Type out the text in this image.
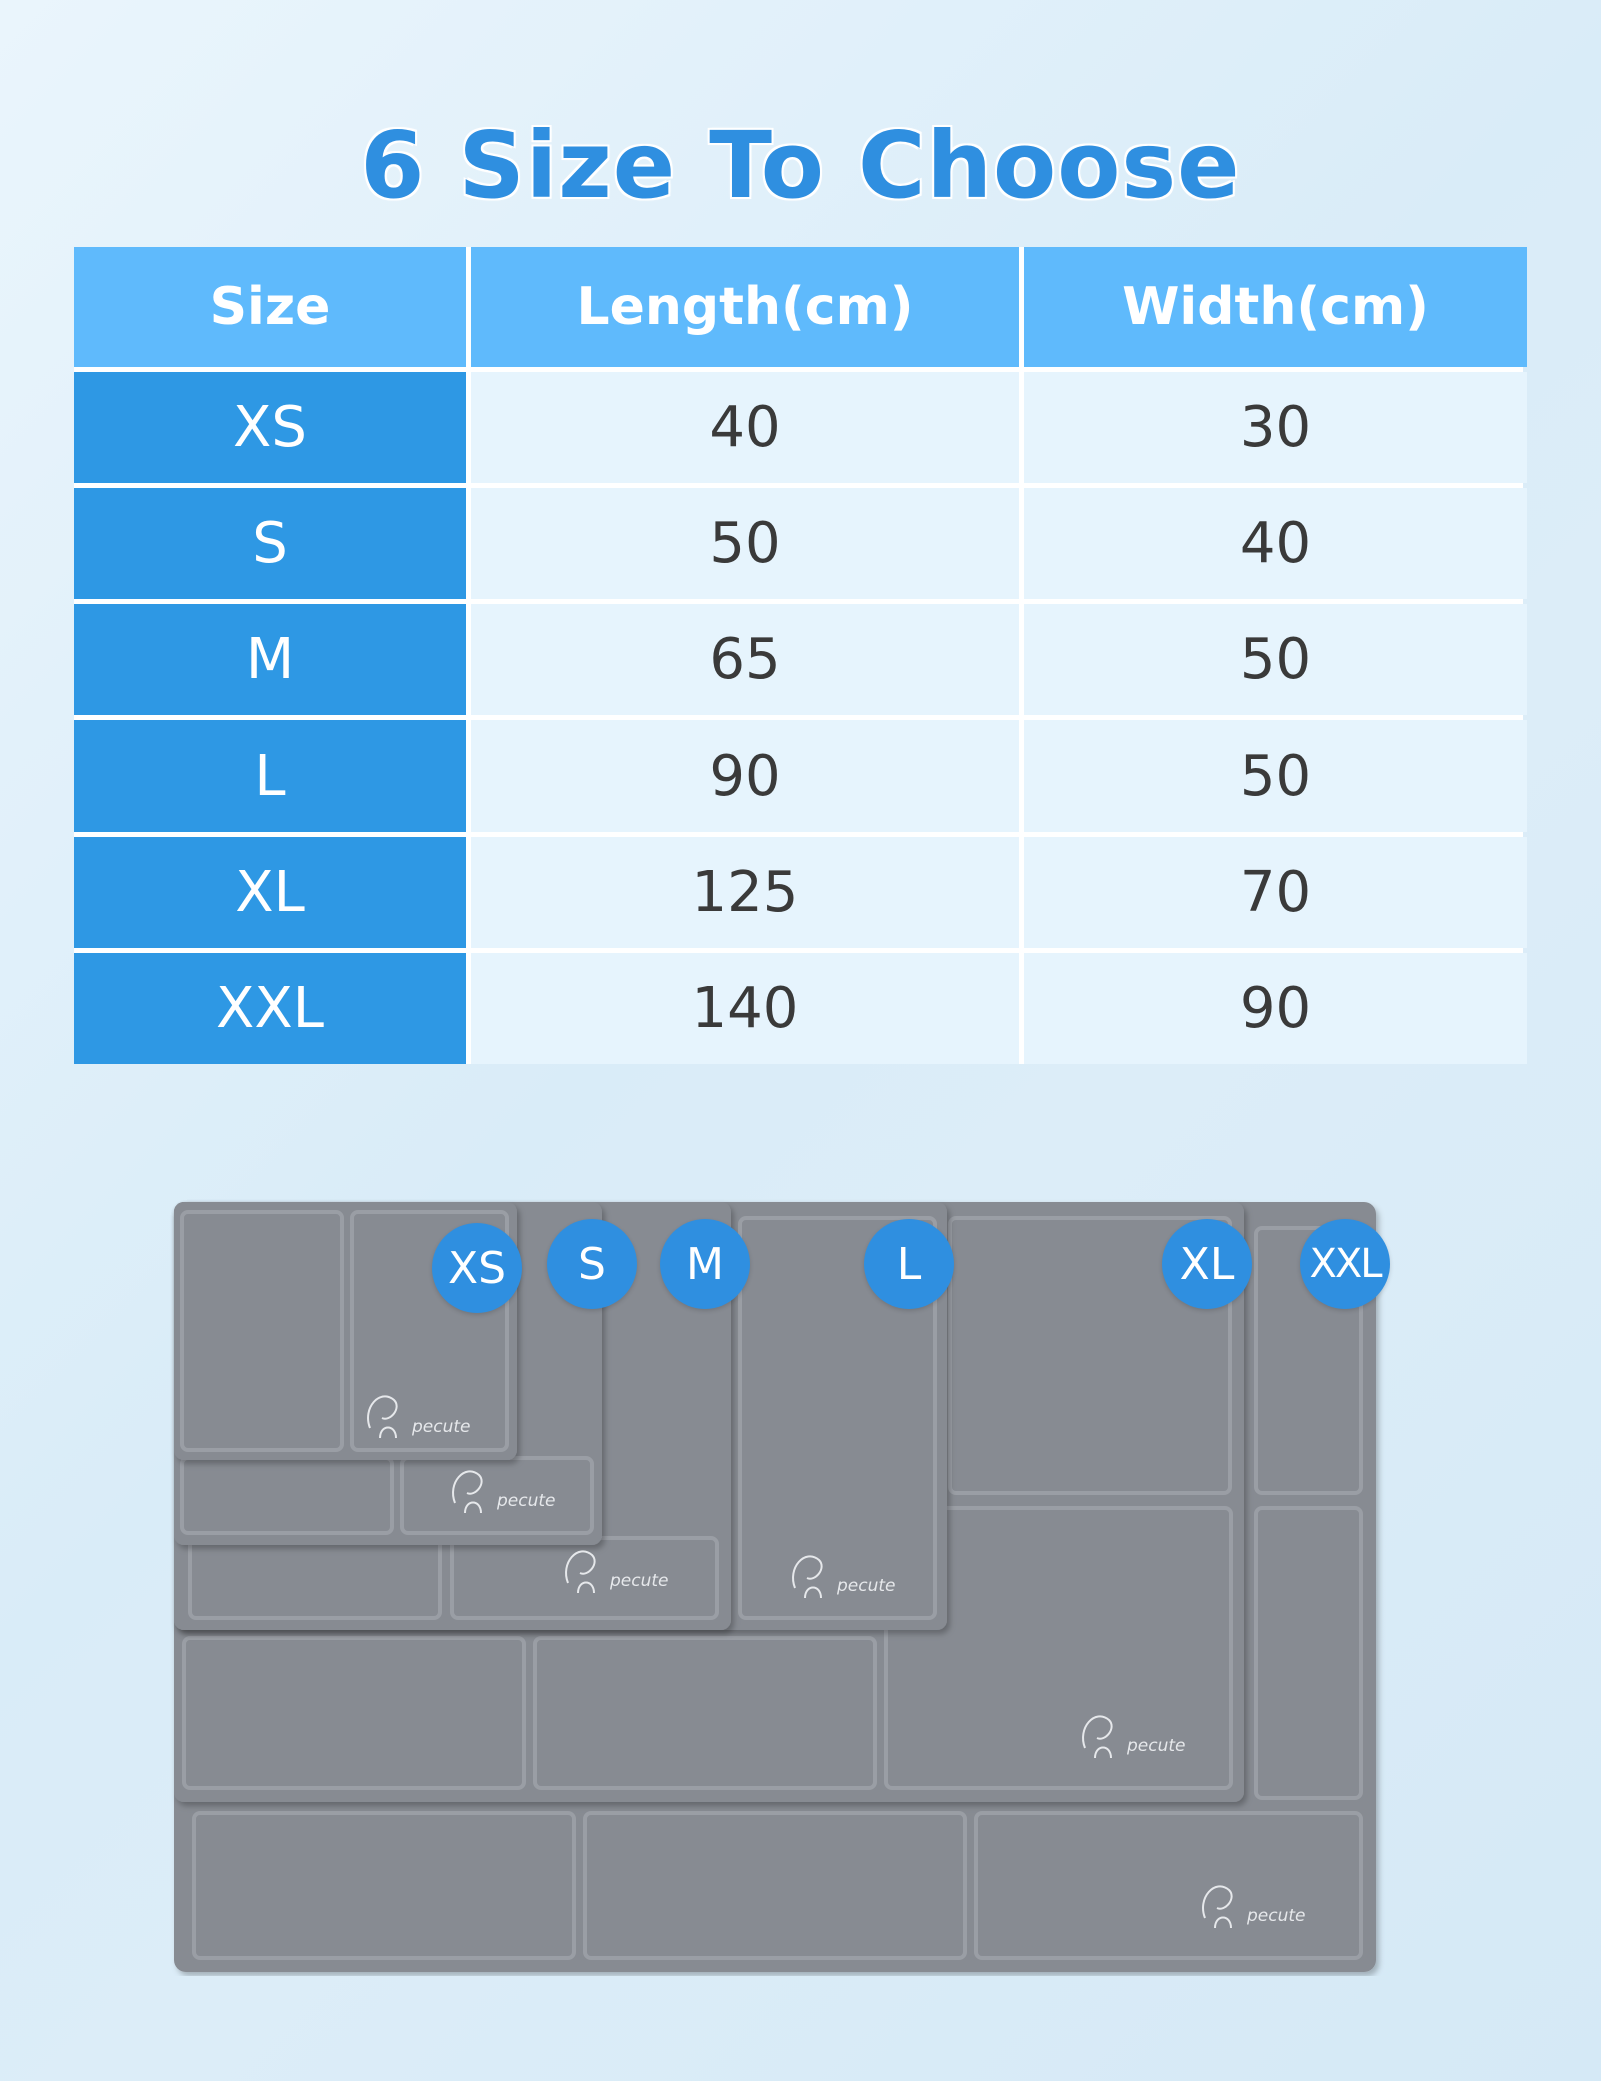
6 Size To Choose
Size	Length(cm)	Width(cm)
XS	40	30
S	50	40
M	65	50
L	90	50
XL	125	70
XXL	140	90
pecute
pecute
pecute	pecute
pecute
pecute
XS	S	M	L	XL	XXL
